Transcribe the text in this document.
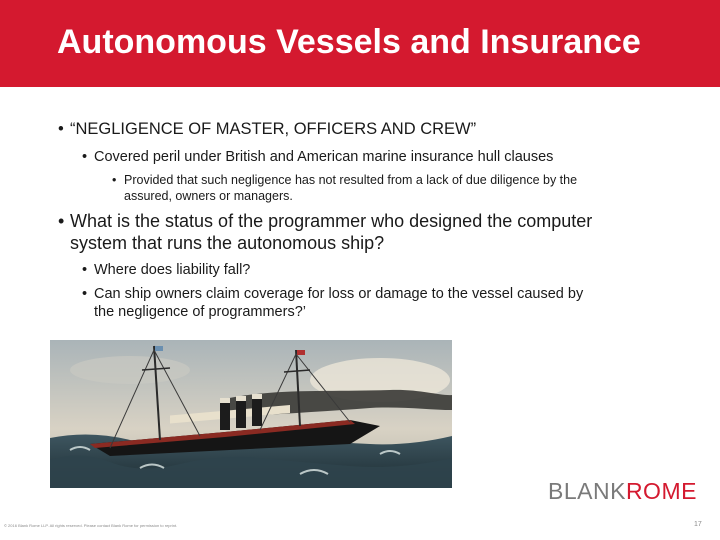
Autonomous Vessels and Insurance
• “NEGLIGENCE OF MASTER, OFFICERS AND CREW”
• Covered peril under British and American marine insurance hull clauses
• Provided that such negligence has not resulted from a lack of due diligence by the
assured, owners or managers.
• What is the status of the programmer who designed the computer
system that runs the autonomous ship?
• Where does liability fall?
• Can ship owners claim coverage for loss or damage to the vessel caused by
the negligence of programmers?’
BLANKROME
© 2016 Blank Rome LLP. All rights reserved. Please contact Blank Rome for permission to reprint.	17
